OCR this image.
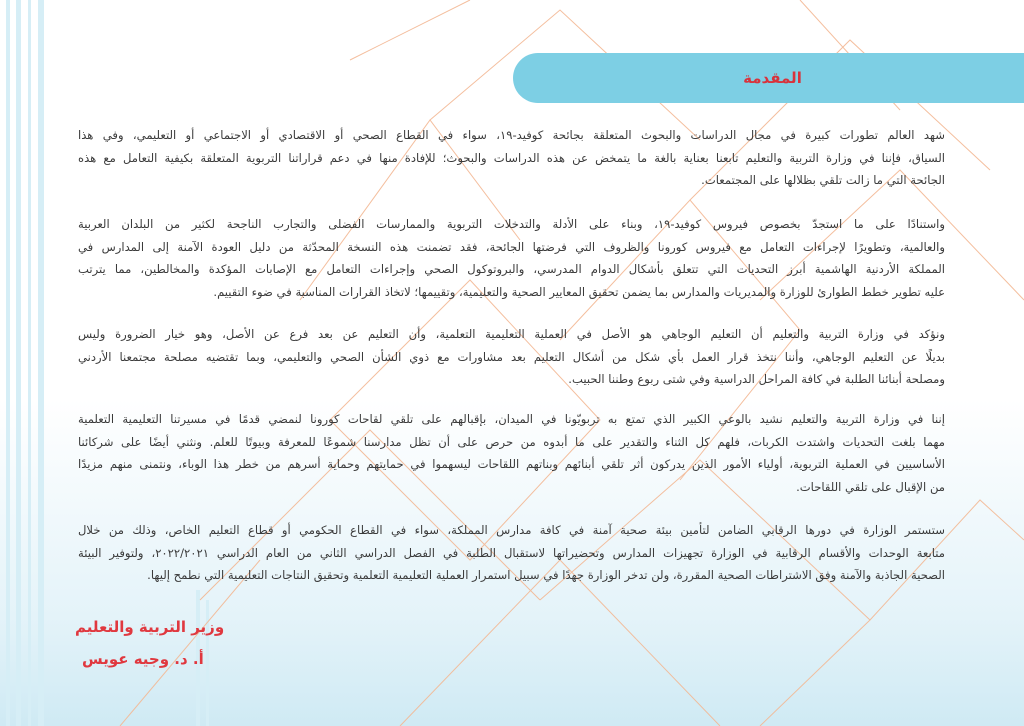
المقدمة
شهد العالم تطورات كبيرة في مجال الدراسات والبحوث المتعلقة بجائحة كوفيد-١٩، سواء في القطاع الصحي أو الاقتصادي أو الاجتماعي أو التعليمي، وفي هذا
السياق، فإننا في وزارة التربية والتعليم تابعنا بعناية بالغة ما يتمخض عن هذه الدراسات والبحوث؛ للإفادة منها في دعم قراراتنا التربوية المتعلقة بكيفية التعامل مع هذه
الجائحة التي ما زالت تلقي بظلالها على المجتمعات.
واستنادًا على ما استجدّ بخصوص فيروس كوفيد-١٩، وبناء على الأدلة والتدخلات التربوية والممارسات الفضلى والتجارب الناجحة لكثير من البلدان العربية
والعالمية، وتطويرًا لإجراءات التعامل مع فيروس كورونا والظروف التي فرضتها الجائحة، فقد تضمنت هذه النسخة المحدّثة من دليل العودة الآمنة إلى المدارس في
المملكة الأردنية الهاشمية أبرز التحديات التي تتعلق بأشكال الدوام المدرسي، والبروتوكول الصحي وإجراءات التعامل مع الإصابات المؤكدة والمخالطين، مما يترتب
عليه تطوير خطط الطوارئ للوزارة والمديريات والمدارس بما يضمن تحقيق المعايير الصحية والتعليمية، وتقييمها؛ لاتخاذ القرارات المناسبة في ضوء التقييم.
ونؤكد في وزارة التربية والتعليم أن التعليم الوجاهي هو الأصل في العملية التعليمية التعلمية، وأن التعليم عن بعد فرع عن الأصل، وهو خيار الضرورة وليس
بديلًا عن التعليم الوجاهي، وأننا نتخذ قرار العمل بأي شكل من أشكال التعليم بعد مشاورات مع ذوي الشأن الصحي والتعليمي، وبما تقتضيه مصلحة مجتمعنا الأردني
ومصلحة أبنائنا الطلبة في كافة المراحل الدراسية وفي شتى ربوع وطننا الحبيب.
إننا في وزارة التربية والتعليم نشيد بالوعي الكبير الذي تمتع به تربويّونا في الميدان، بإقبالهم على تلقي لقاحات كورونا لنمضي قدمًا في مسيرتنا التعليمية التعلمية
مهما بلغت التحديات واشتدت الكربات، فلهم كل الثناء والتقدير على ما أبدوه من حرص على أن تظل مدارسنا شموعًا للمعرفة وبيوتًا للعلم. ونثني أيضًا على شركائنا
الأساسيين في العملية التربوية، أولياء الأمور الذين يدركون أثر تلقي أبنائهم وبناتهم اللقاحات ليسهموا في حمايتهم وحماية أسرهم من خطر هذا الوباء، ونتمنى منهم مزيدًا
من الإقبال على تلقي اللقاحات.
ستستمر الوزارة في دورها الرقابي الضامن لتأمين بيئة صحية آمنة في كافة مدارس المملكة، سواء في القطاع الحكومي أو قطاع التعليم الخاص، وذلك من خلال
متابعة الوحدات والأقسام الرقابية في الوزارة تجهيزات المدارس وتحضيراتها لاستقبال الطلبة في الفصل الدراسي الثاني من العام الدراسي ٢٠٢٢/٢٠٢١، ولتوفير البيئة
الصحية الجاذبة والآمنة وفق الاشتراطات الصحية المقررة، ولن تدخر الوزارة جهدًا في سبيل استمرار العملية التعليمية التعلمية وتحقيق النتاجات التعليمية التي نطمح إليها.
وزير التربية والتعليم
أ. د. وجيه عويس
